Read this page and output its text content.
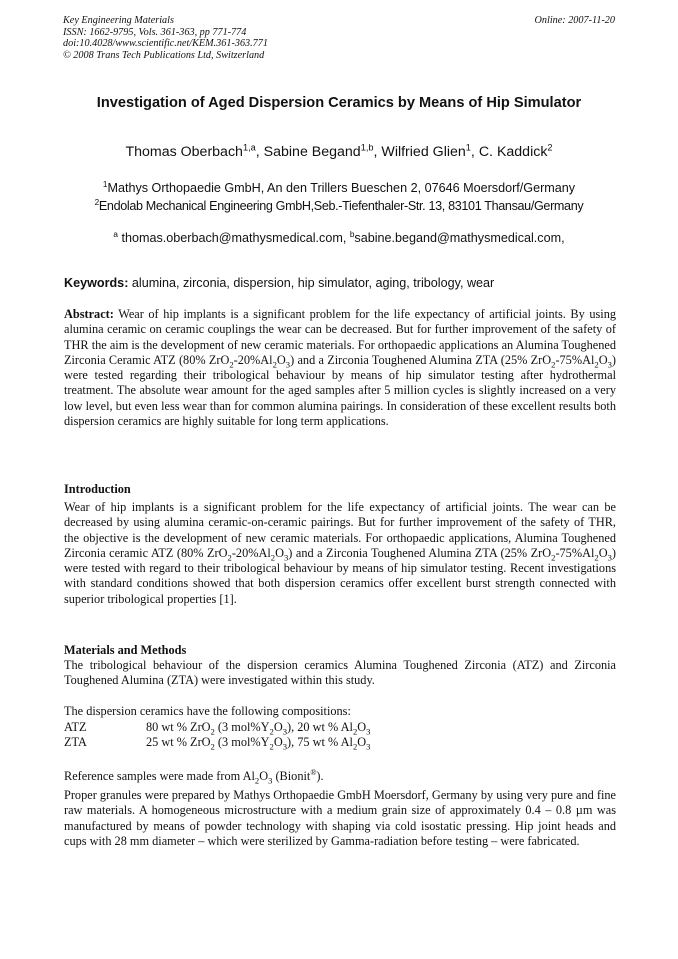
Key Engineering Materials
ISSN: 1662-9795, Vols. 361-363, pp 771-774
doi:10.4028/www.scientific.net/KEM.361-363.771
© 2008 Trans Tech Publications Ltd, Switzerland
Online: 2007-11-20
Investigation of Aged Dispersion Ceramics by Means of Hip Simulator
Thomas Oberbach$^{1,a}$, Sabine Begand$^{1,b}$, Wilfried Glien$^1$, C. Kaddick$^2$
$^1$Mathys Orthopaedie GmbH, An den Trillers Bueschen 2, 07646 Moersdorf/Germany
$^2$Endolab Mechanical Engineering GmbH,Seb.-Tiefenthaler-Str. 13, 83101 Thansau/Germany
$^a$ thomas.oberbach@mathysmedical.com, $^b$sabine.begand@mathysmedical.com,
Keywords: alumina, zirconia, dispersion, hip simulator, aging, tribology, wear
Abstract: Wear of hip implants is a significant problem for the life expectancy of artificial joints. By using alumina ceramic on ceramic couplings the wear can be decreased. But for further improvement of the safety of THR the aim is the development of new ceramic materials. For orthopaedic applications an Alumina Toughened Zirconia Ceramic ATZ (80% $ZrO_2-20\%Al_2O_3$) and a Zirconia Toughened Alumina ZTA (25% $ZrO_2-75\%Al_2O_3$) were tested regarding their tribological behaviour by means of hip simulator testing after hydrothermal treatment. The absolute wear amount for the aged samples after 5 million cycles is slightly increased on a very low level, but even less wear than for common alumina pairings. In consideration of these excellent results both dispersion ceramics are highly suitable for long term applications.
Introduction
Wear of hip implants is a significant problem for the life expectancy of artificial joints. The wear can be decreased by using alumina ceramic-on-ceramic pairings. But for further improvement of the safety of THR, the objective is the development of new ceramic materials. For orthopaedic applications, Alumina Toughened Zirconia ceramic ATZ (80% $ZrO_2-20\%Al_2O_3$) and a Zirconia Toughened Alumina ZTA (25% $ZrO_2-75\%Al_2O_3$) were tested with regard to their tribological behaviour by means of hip simulator testing. Recent investigations with standard conditions showed that both dispersion ceramics offer excellent burst strength connected with superior tribological properties [1].
Materials and Methods
The tribological behaviour of the dispersion ceramics Alumina Toughened Zirconia (ATZ) and Zirconia Toughened Alumina (ZTA) were investigated within this study.
The dispersion ceramics have the following compositions:
ATZ	80 wt % ZrO$_2$ (3 $mol\%Y_2O_3$), 20 wt % $Al_2O_3$
ZTA	25 wt % ZrO$_2$ (3 $mol\%Y_2O_3$), 75 wt % $Al_2O_3$
Reference samples were made from $Al_2O_3$ (Bionit®).
Proper granules were prepared by Mathys Orthopaedie GmbH Moersdorf, Germany by using very pure and fine raw materials. A homogeneous microstructure with a medium grain size of approximately 0.4 – 0.8 µm was manufactured by means of powder technology with shaping via cold isostatic pressing. Hip joint heads and cups with 28 mm diameter – which were sterilized by Gamma-radiation before testing – were fabricated.
